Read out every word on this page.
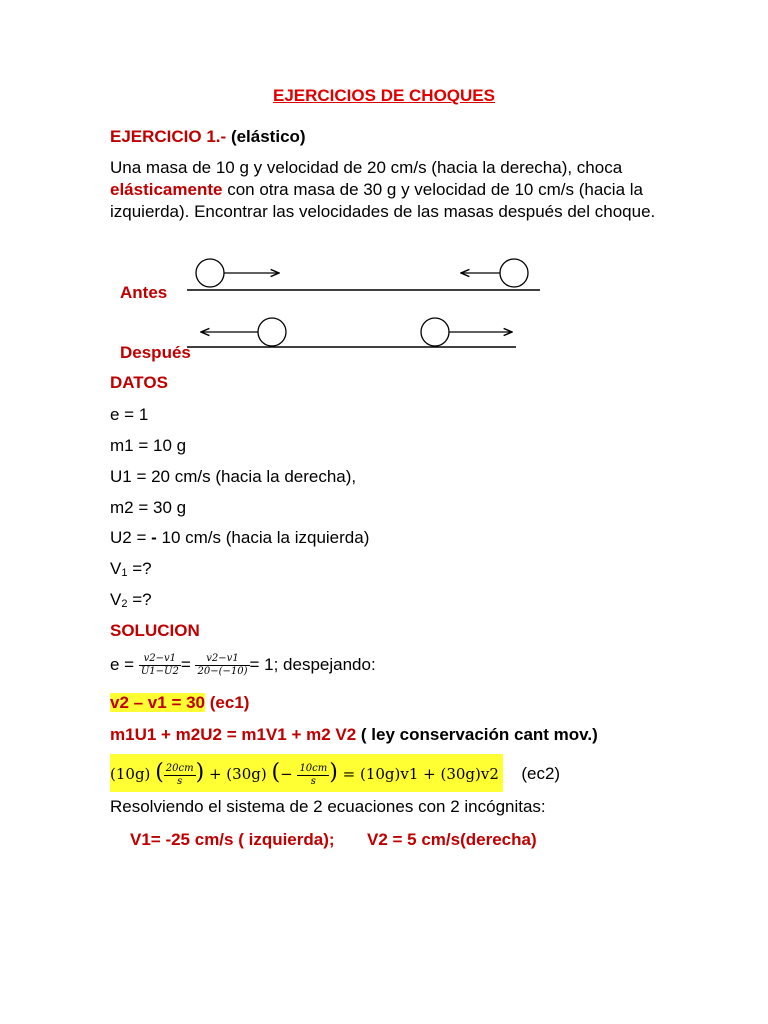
EJERCICIOS DE CHOQUES
EJERCICIO 1.- (elástico)
Una masa de 10 g y velocidad de 20 cm/s (hacia la derecha), choca elásticamente con otra masa de 30 g y velocidad de 10 cm/s (hacia la izquierda). Encontrar las velocidades de las masas después del choque.
Antes
Después
DATOS
e = 1
m1 = 10 g
U1 = 20 cm/s (hacia la derecha),
m2 = 30 g
U2 = - 10 cm/s (hacia la izquierda)
V1 =?
V2 =?
SOLUCION
$e = \frac{v2-v1}{U1-U2} = \frac{v2-v1}{20-(-10)} = 1$; despejando:
v2 – v1 = 30 (ec1)
m1U1 + m2U2 = m1V1 + m2 V2 ( ley conservación cant mov.)
(10g) ( $\frac{20cm}{s}$ ) + (30g) (− $\frac{10cm}{s}$ ) = (10g)v1 + (30g)v2 (ec2)
Resolviendo el sistema de 2 ecuaciones con 2 incógnitas:
V1= -25 cm/s ( izquierda); V2 = 5 cm/s(derecha)
